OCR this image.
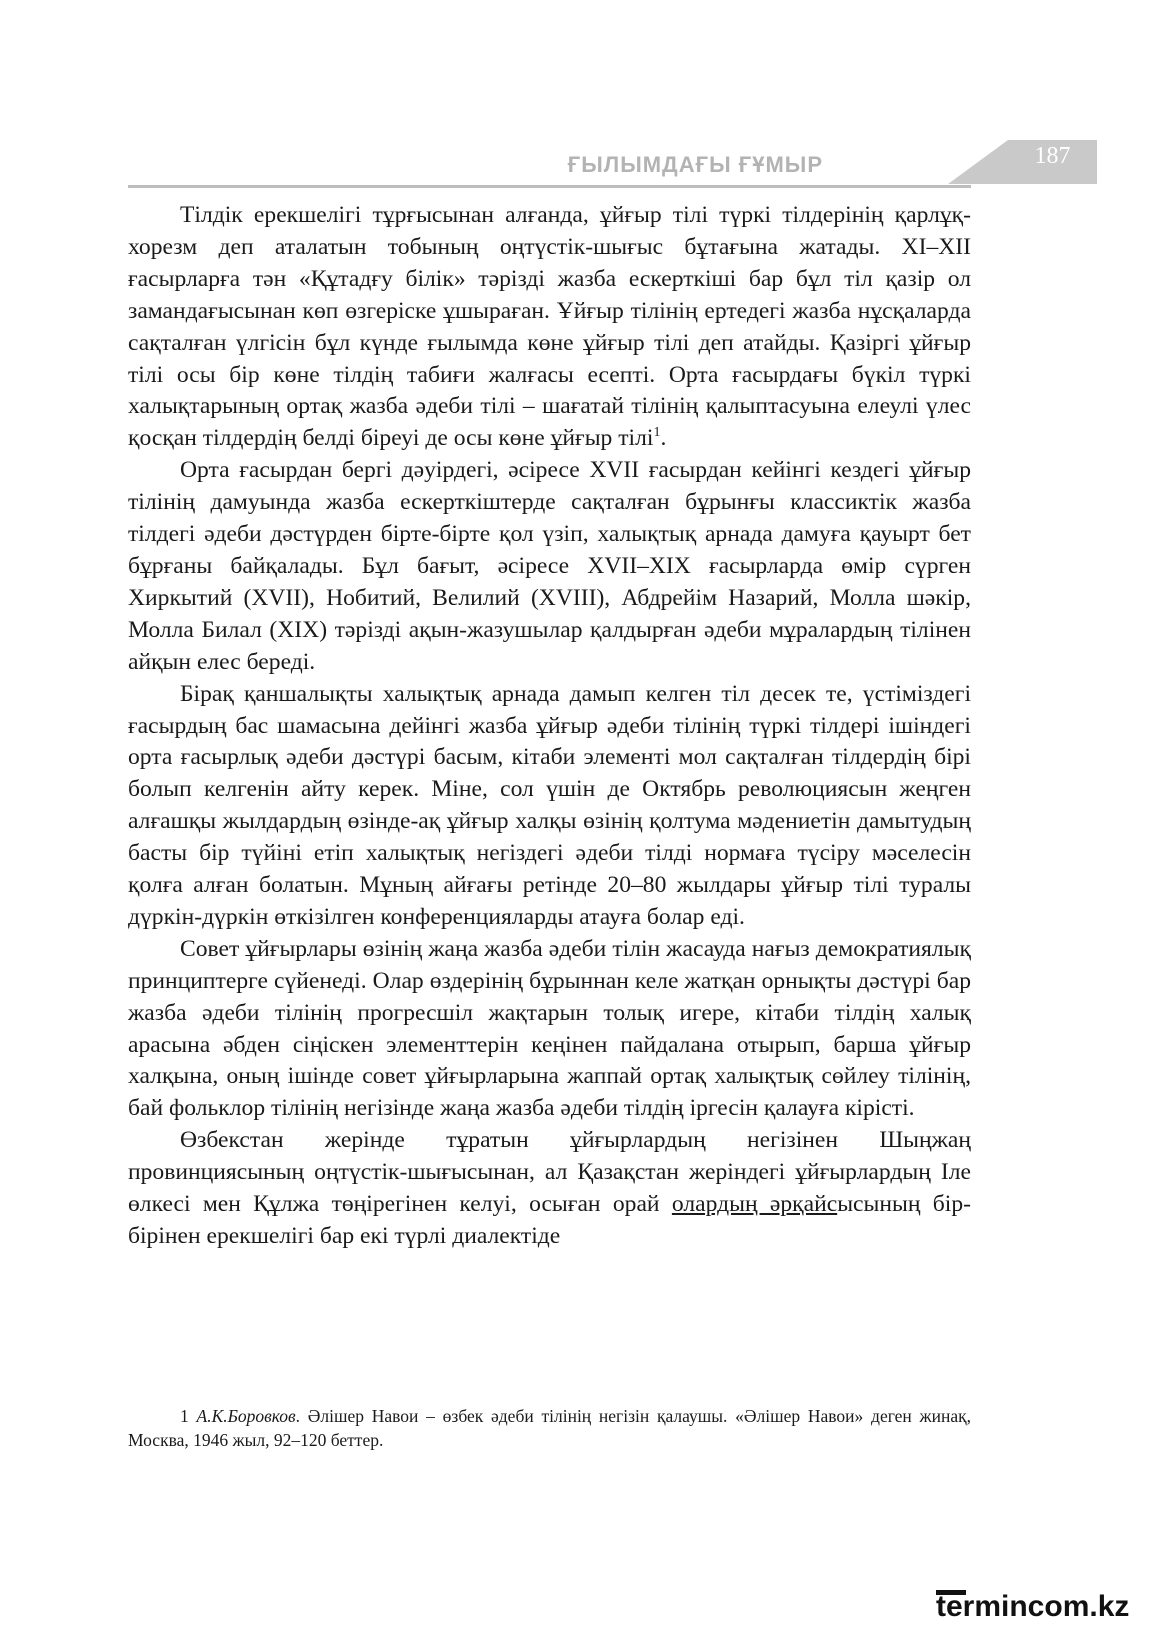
ҒЫЛЫМДАҒЫ ҒҰМЫР	187

Тілдік ерекшелігі тұрғысынан алғанда, ұйғыр тілі түркі тілдерінің қарлұқ-хорезм деп аталатын тобының оңтүстік-шығыс бұтағына жатады. ХІ–ХІІ ғасырларға тән «Құтадғу білік» тәрізді жазба ескерткіші бар бұл тіл қазір ол замандағысынан көп өзгеріске ұшыраған. Ұйғыр тілінің ертедегі жазба нұсқаларда сақталған үлгісін бұл күнде ғылымда көне ұйғыр тілі деп атайды. Қазіргі ұйғыр тілі осы бір көне тілдің табиғи жалғасы есепті. Орта ғасырдағы бүкіл түркі халықтарының ортақ жазба әдеби тілі – шағатай тілінің қалыптасуына елеулі үлес қосқан тілдердің белді біреуі де осы көне ұйғыр тілі$^1$.

Орта ғасырдан бергі дәуірдегі, әсіресе XVII ғасырдан кейінгі кездегі ұйғыр тілінің дамуында жазба ескерткіштерде сақталған бұрынғы классиктік жазба тілдегі әдеби дәстүрден бірте-бірте қол үзіп, халықтық арнада дамуға қауырт бет бұрғаны байқалады. Бұл бағыт, әсіресе XVII–XIX ғасырларда өмір сүрген Хиркытий (XVII), Нобитий, Велилий (XVIII), Абдрейім Назарий, Молла шәкір, Молла Билал (XIX) тәрізді ақын-жазушылар қалдырған әдеби мұралардың тілінен айқын елес береді.

Бірақ қаншалықты халықтық арнада дамып келген тіл десек те, үстіміздегі ғасырдың бас шамасына дейінгі жазба ұйғыр әдеби тілінің түркі тілдері ішіндегі орта ғасырлық әдеби дәстүрі басым, кітаби элементі мол сақталған тілдердің бірі болып келгенін айту керек. Міне, сол үшін де Октябрь революциясын жеңген алғашқы жылдардың өзінде-ақ ұйғыр халқы өзінің қолтума мәдениетін дамытудың басты бір түйіні етіп халықтық негіздегі әдеби тілді нормаға түсіру мәселесін қолға алған болатын. Мұның айғағы ретінде 20–80 жылдары ұйғыр тілі туралы дүркін-дүркін өткізілген конференцияларды атауға болар еді.

Совет ұйғырлары өзінің жаңа жазба әдеби тілін жасауда нағыз демократиялық принциптерге сүйенеді. Олар өздерінің бұрыннан келе жатқан орнықты дәстүрі бар жазба әдеби тілінің прогресшіл жақтарын толық игере, кітаби тілдің халық арасына әбден сіңіскен элементтерін кеңінен пайдалана отырып, барша ұйғыр халқына, оның ішінде совет ұйғырларына жаппай ортақ халықтық сөйлеу тілінің, бай фольклор тілінің негізінде жаңа жазба әдеби тілдің іргесін қалауға кірісті.

Өзбекстан жерінде тұратын ұйғырлардың негізінен Шыңжаң провинциясының оңтүстік-шығысынан, ал Қазақстан жеріндегі ұйғырлардың Іле өлкесі мен Құлжа төңірегінен келуі, осыған орай олардың әрқайсысының бір-бірінен ерекшелігі бар екі түрлі диалектіде

1 А.К.Боровков. Әлішер Навои – өзбек әдеби тілінің негізін қалаушы. «Әлішер Навои» деген жинақ, Москва, 1946 жыл, 92–120 беттер.
termincom.kz
